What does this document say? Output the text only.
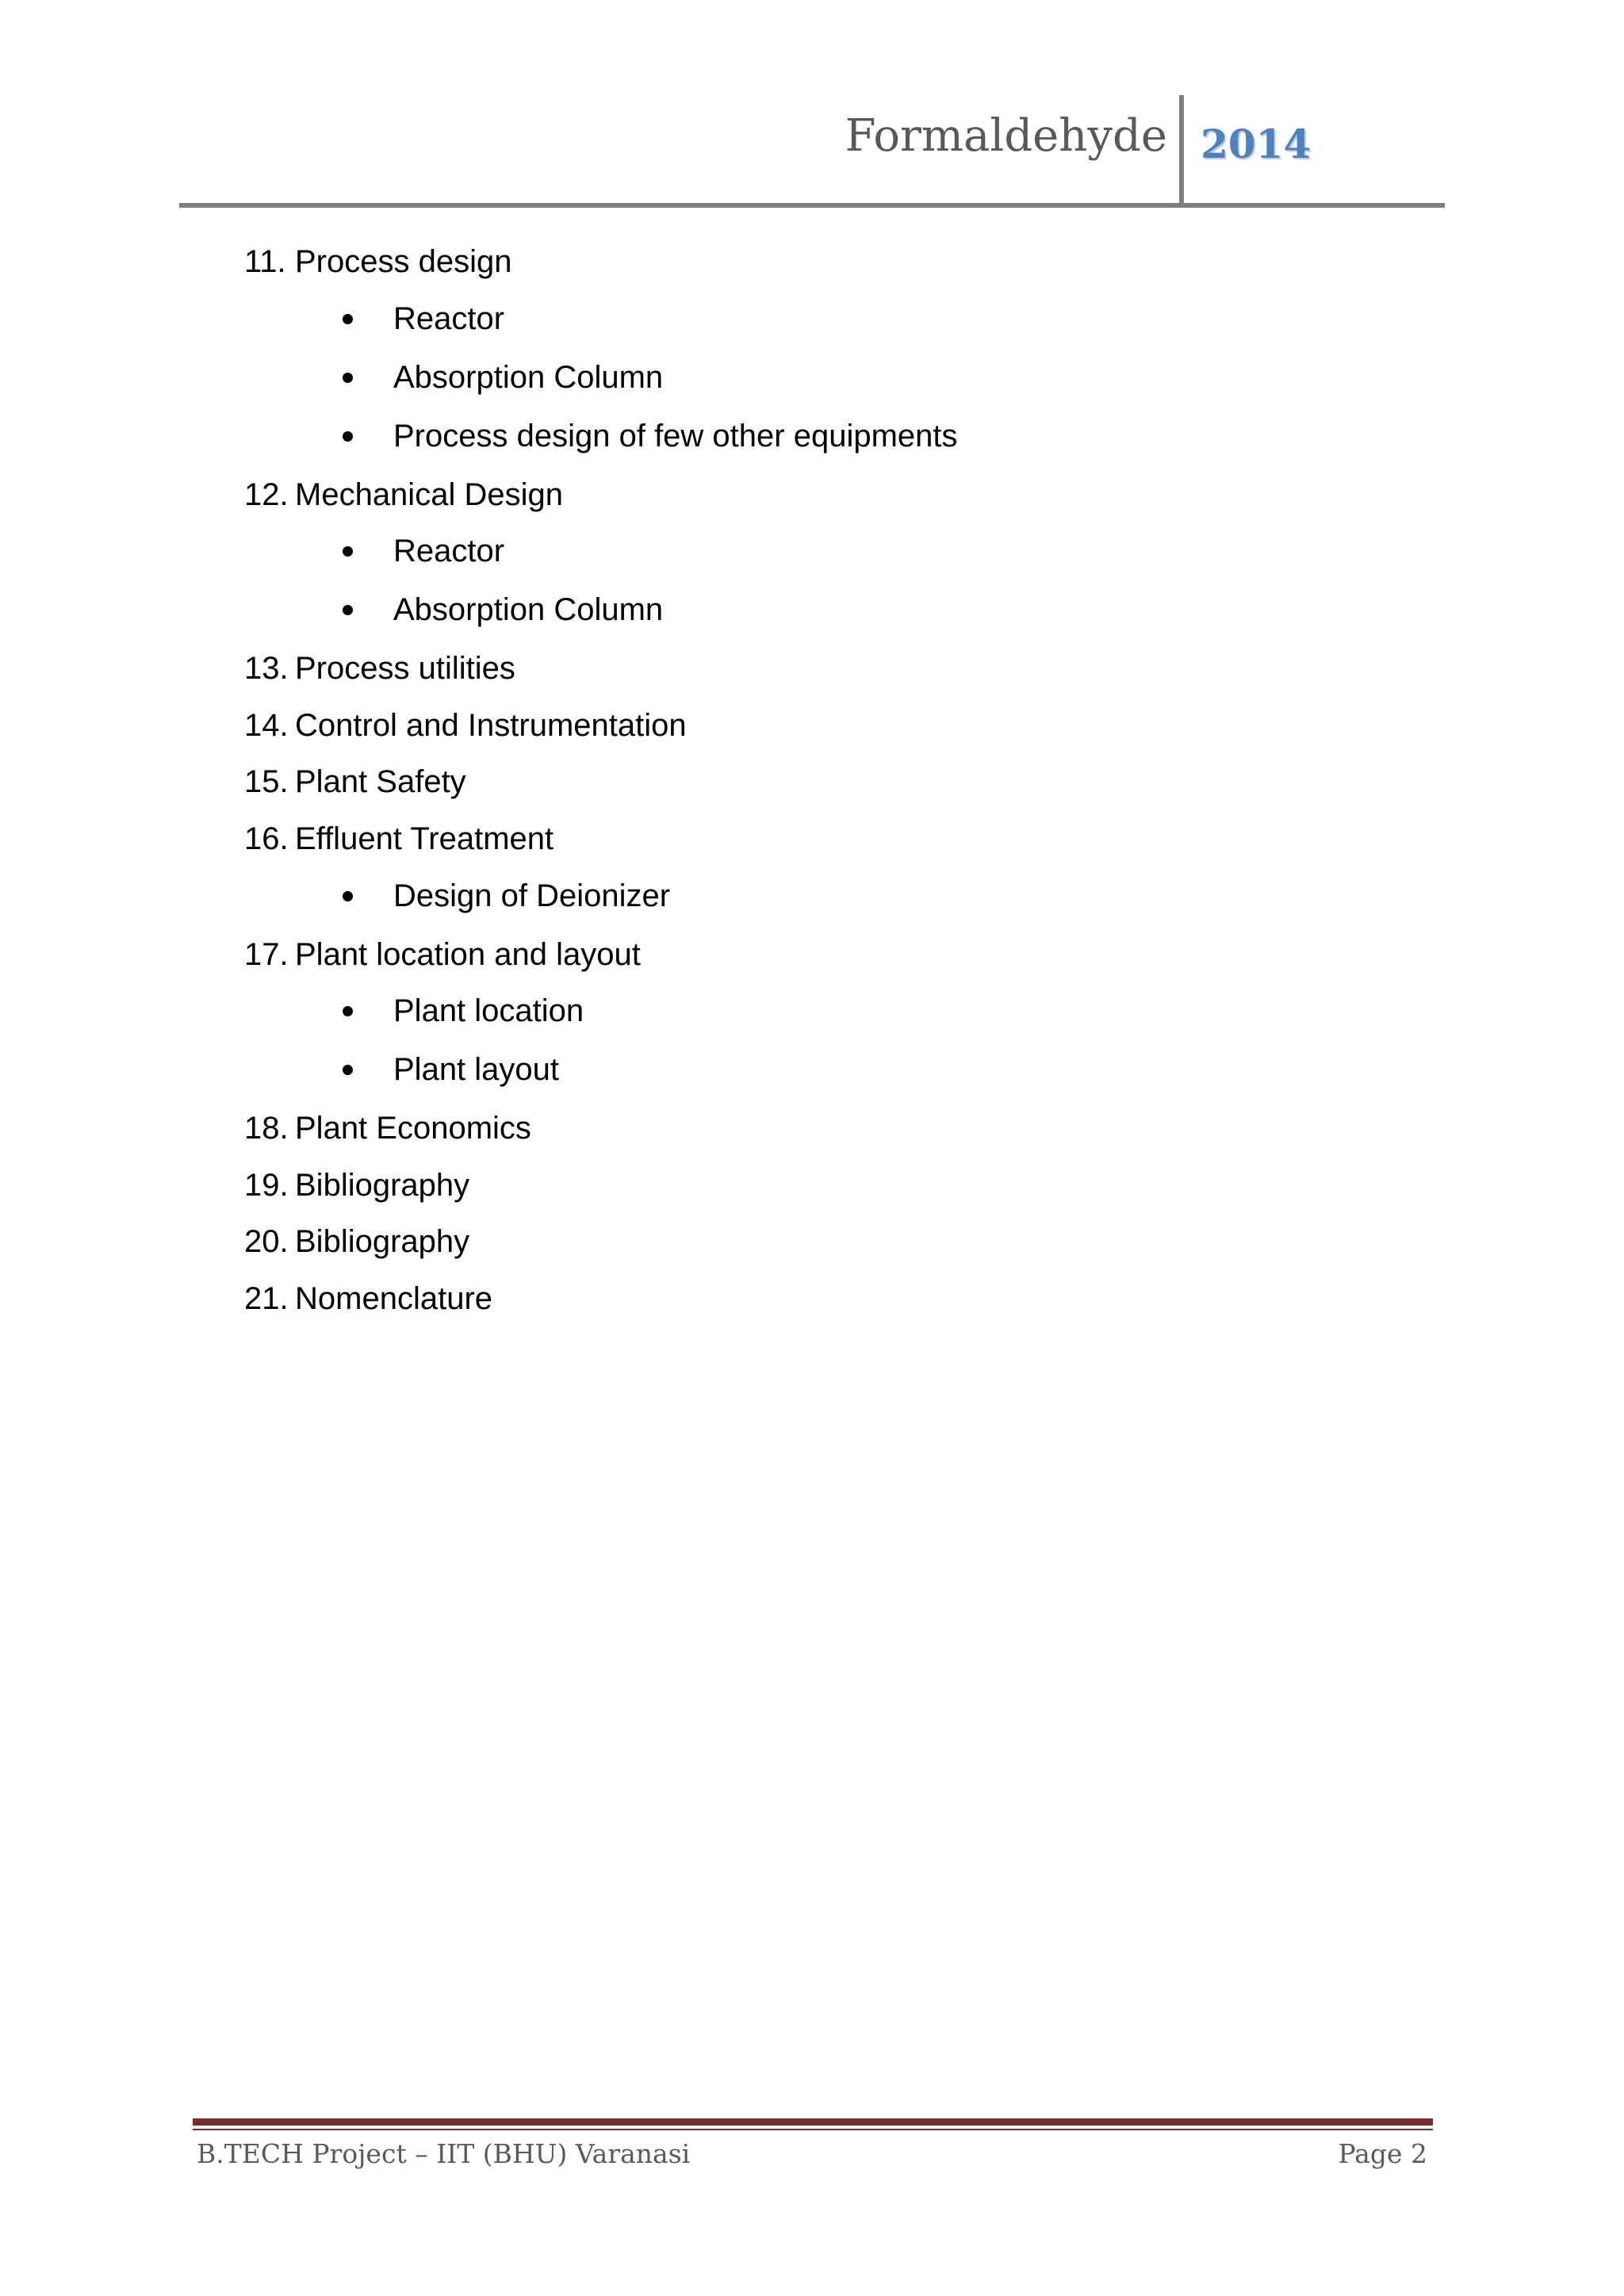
Formaldehyde 2014
11. Process design
Reactor
Absorption Column
Process design of few other equipments
12. Mechanical Design
Reactor
Absorption Column
13. Process utilities
14. Control and Instrumentation
15. Plant Safety
16. Effluent Treatment
Design of Deionizer
17. Plant location and layout
Plant location
Plant layout
18. Plant Economics
19. Bibliography
20. Bibliography
21. Nomenclature
B.TECH Project – IIT (BHU) Varanasi	Page 2
